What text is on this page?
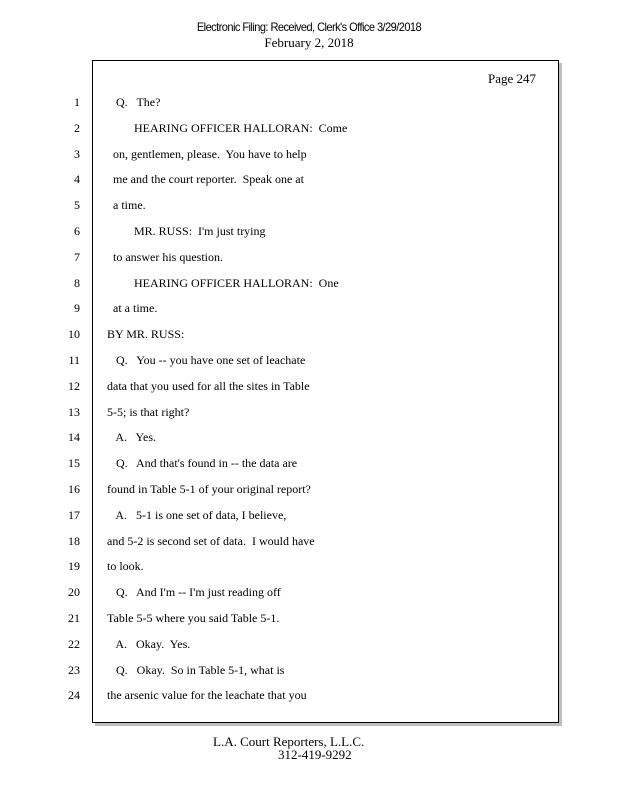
Electronic Filing: Received, Clerk's Office 3/29/2018
February 2, 2018
Page 247
1 Q.   The?
2 HEARING OFFICER HALLORAN:  Come
3 on, gentlemen, please.  You have to help
4 me and the court reporter.  Speak one at
5 a time.
6 MR. RUSS:  I'm just trying
7 to answer his question.
8 HEARING OFFICER HALLORAN:  One
9 at a time.
10 BY MR. RUSS:
11 Q.   You -- you have one set of leachate
12 data that you used for all the sites in Table
13 5-5; is that right?
14 A.   Yes.
15 Q.   And that's found in -- the data are
16 found in Table 5-1 of your original report?
17 A.   5-1 is one set of data, I believe,
18 and 5-2 is second set of data.  I would have
19 to look.
20 Q.   And I'm -- I'm just reading off
21 Table 5-5 where you said Table 5-1.
22 A.   Okay.  Yes.
23 Q.   Okay.  So in Table 5-1, what is
24 the arsenic value for the leachate that you
L.A. Court Reporters, L.L.C.
312-419-9292
